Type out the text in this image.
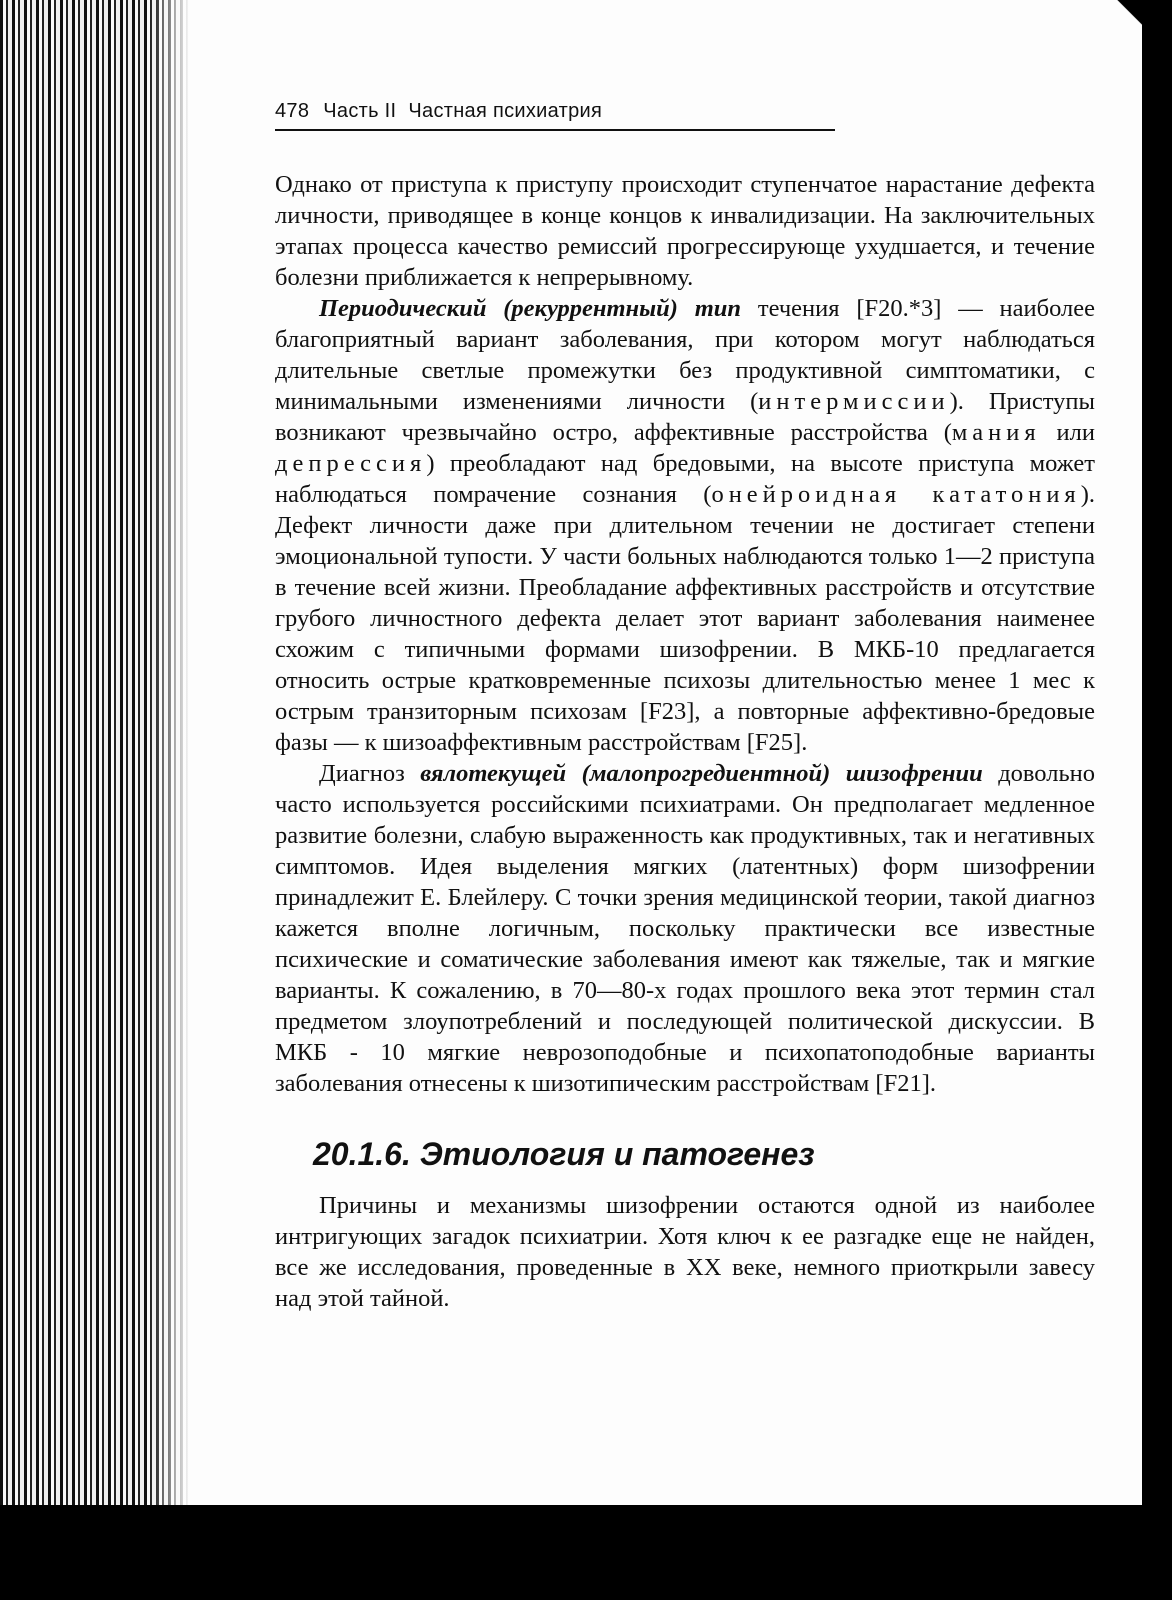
478 Часть II Частная психиатрия

Однако от приступа к приступу происходит ступенчатое нарастание дефекта личности, приводящее в конце концов к инвалидизации. На заключительных этапах процесса качество ремиссий прогрессирующе ухудшается, и течение болезни приближается к непрерывному.

Периодический (рекуррентный) тип течения [F20.*3] — наиболее благоприятный вариант заболевания, при котором могут наблюдаться длительные светлые промежутки без продуктивной симптоматики, с минимальными изменениями личности (интермиссии). Приступы возникают чрезвычайно остро, аффективные расстройства (мания или депрессия) преобладают над бредовыми, на высоте приступа может наблюдаться помрачение сознания (онейроидная кататония). Дефект личности даже при длительном течении не достигает степени эмоциональной тупости. У части больных наблюдаются только 1—2 приступа в течение всей жизни. Преобладание аффективных расстройств и отсутствие грубого личностного дефекта делает этот вариант заболевания наименее схожим с типичными формами шизофрении. В МКБ-10 предлагается относить острые кратковременные психозы длительностью менее 1 мес к острым транзиторным психозам [F23], а повторные аффективно-бредовые фазы — к шизоаффективным расстройствам [F25].

Диагноз вялотекущей (малопрогредиентной) шизофрении довольно часто используется российскими психиатрами. Он предполагает медленное развитие болезни, слабую выраженность как продуктивных, так и негативных симптомов. Идея выделения мягких (латентных) форм шизофрении принадлежит Е. Блейлеру. С точки зрения медицинской теории, такой диагноз кажется вполне логичным, поскольку практически все известные психические и соматические заболевания имеют как тяжелые, так и мягкие варианты. К сожалению, в 70—80-х годах прошлого века этот термин стал предметом злоупотреблений и последующей политической дискуссии. В МКБ - 10 мягкие неврозоподобные и психопатоподобные варианты заболевания отнесены к шизотипическим расстройствам [F21].

20.1.6. Этиология и патогенез

Причины и механизмы шизофрении остаются одной из наиболее интригующих загадок психиатрии. Хотя ключ к ее разгадке еще не найден, все же исследования, проведенные в XX веке, немного приоткрыли завесу над этой тайной.
